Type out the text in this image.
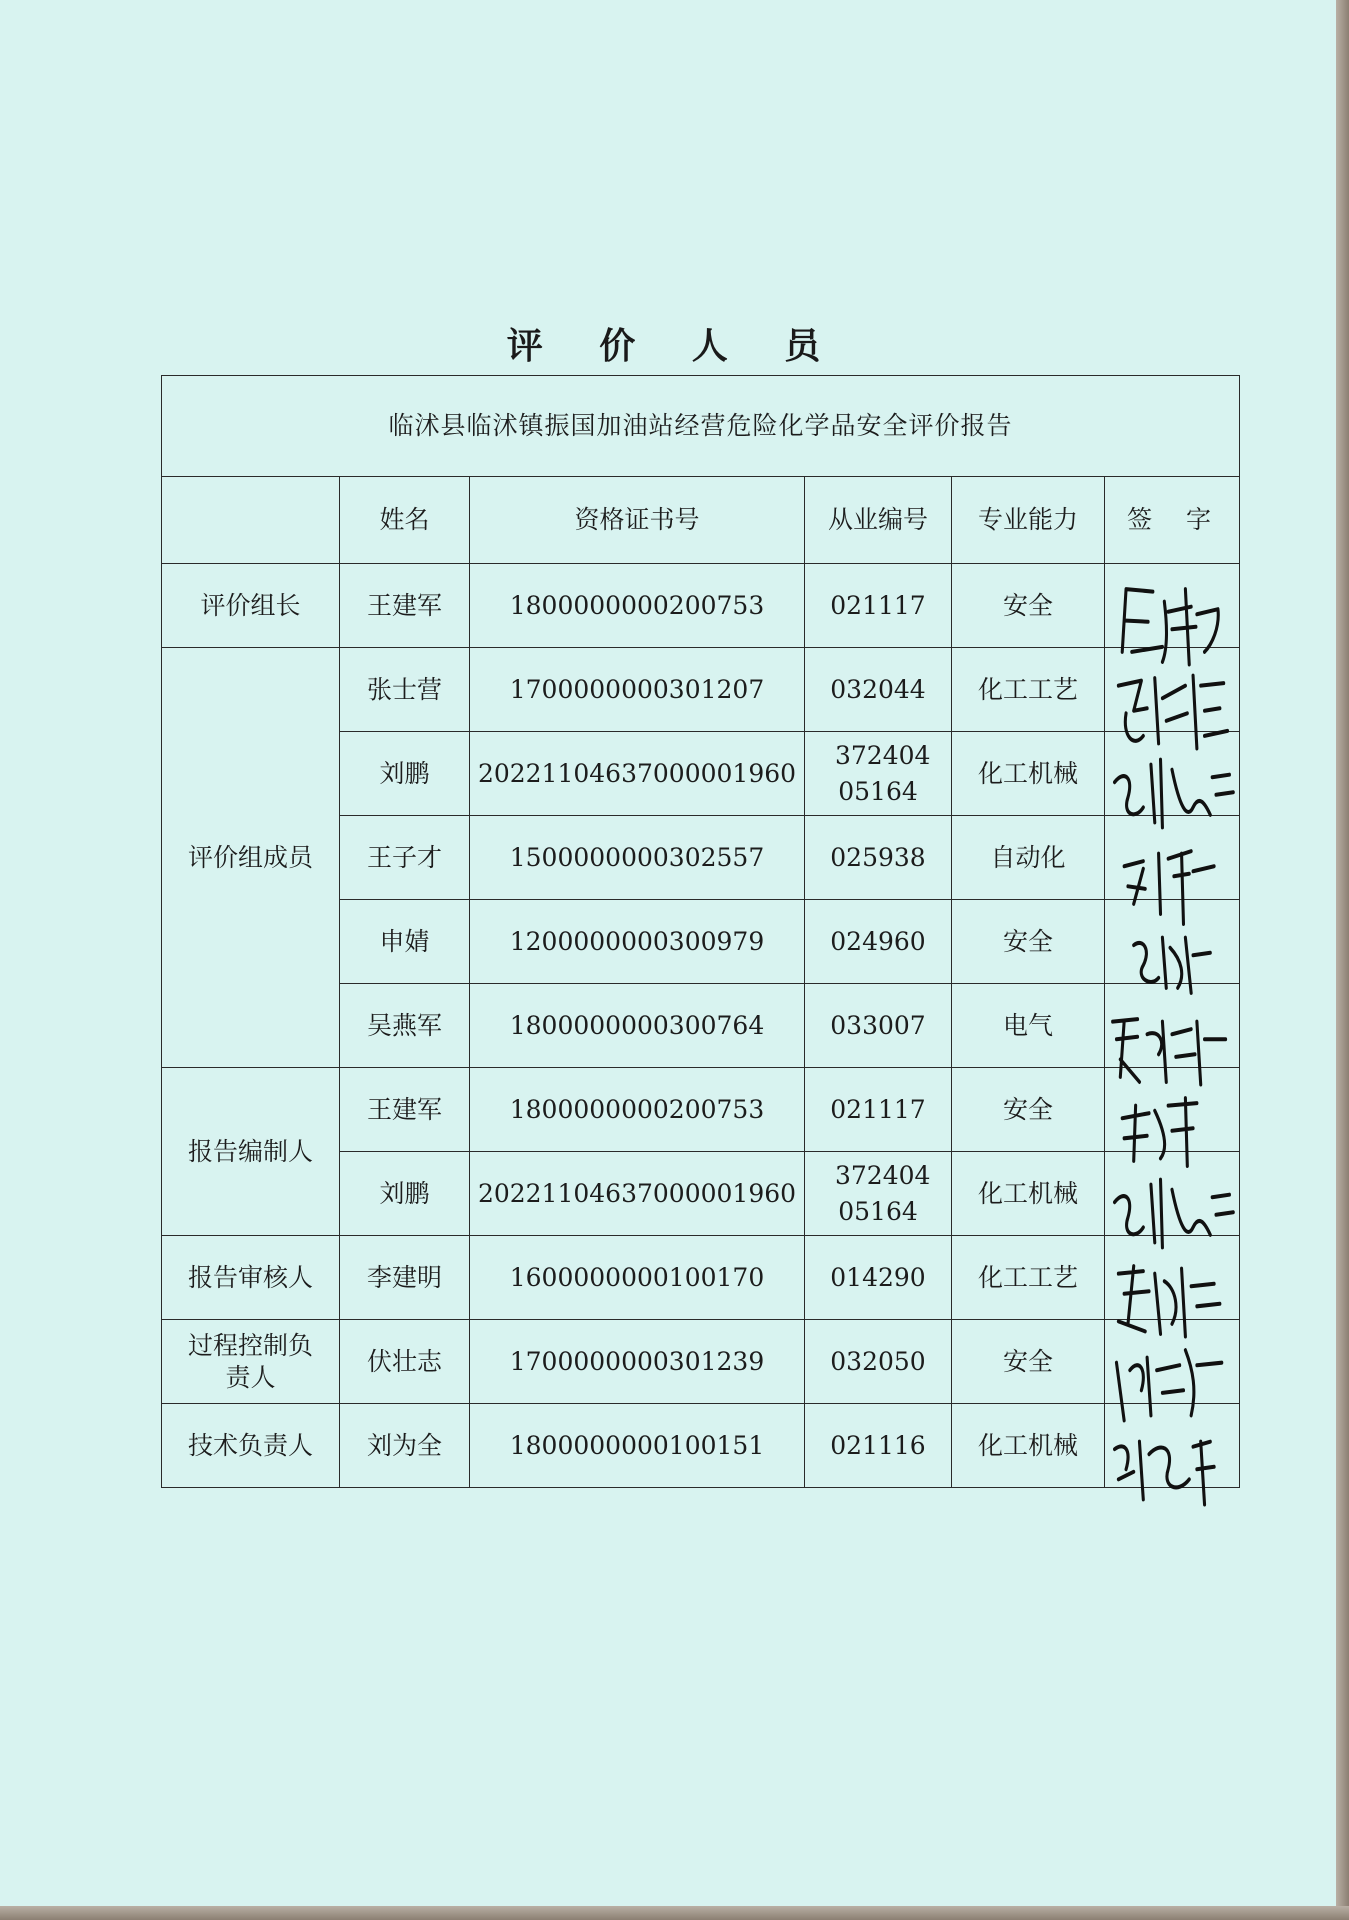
评 价 人 员
临沭县临沭镇振国加油站经营危险化学品安全评价报告					
	姓名	资格证书号	从业编号	专业能力	签  字
评价组长	王建军	1800000000200753	021117	安全	

评价组成员	张士营	1700000000301207	032044	化工工艺	

	刘鹏	20221104637000001960	372404 05164	化工机械	

	王子才	1500000000302557	025938	自动化	

	申婧	1200000000300979	024960	安全	

	吴燕军	1800000000300764	033007	电气	

报告编制人	王建军	1800000000200753	021117	安全	

	刘鹏	20221104637000001960	372404 05164	化工机械	

报告审核人	李建明	1600000000100170	014290	化工工艺	

过程控制负责人	伏壮志	1700000000301239	032050	安全	

技术负责人	刘为全	1800000000100151	021116	化工机械	
